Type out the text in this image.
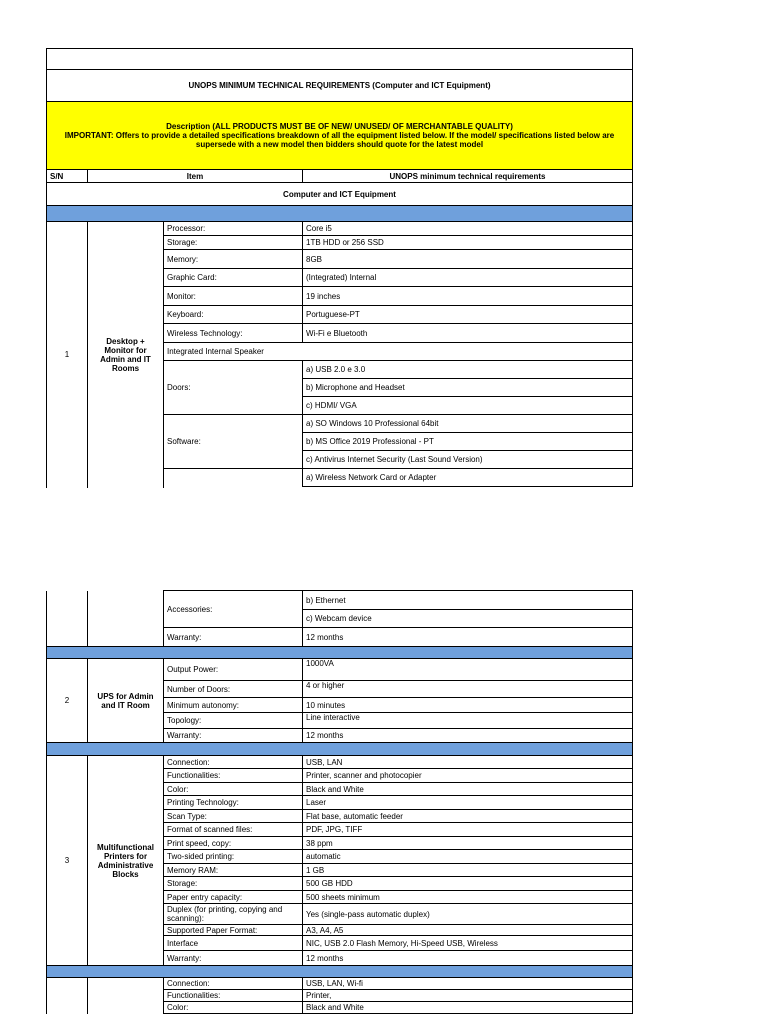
UNOPS MINIMUM TECHNICAL REQUIREMENTS (Computer and ICT Equipment)			

Description (ALL PRODUCTS MUST BE OF NEW/ UNUSED/ OF MERCHANTABLE QUALITY)
IMPORTANT: Offers to provide a detailed specifications breakdown of all the equipment listed below. If the model/ specifications listed below are supersede with a new model then bidders should quote for the latest model			

S/N	Item		UNOPS minimum technical requirements
Computer and ICT Equipment			

1	Desktop + Monitor for Admin and IT Rooms	Processor:	Core i5
		Storage:	1TB HDD or 256 SSD
		Memory:	8GB
		Graphic Card:	(Integrated) Internal
		Monitor:	19 inches
		Keyboard:	Portuguese-PT
		Wireless Technology:	Wi-Fi e Bluetooth
		Integrated Internal Speaker	
		Doors:	a) USB 2.0 e 3.0
			b) Microphone and Headset
			c) HDMI/ VGA
		Software:	a) SO Windows 10 Professional 64bit
			b) MS Office 2019 Professional - PT
			c) Antivirus Internet Security (Last Sound Version)
			a) Wireless Network Card or Adapter

		Accessories:	b) Ethernet
			c) Webcam device
		Warranty:	12 months

2	UPS for Admin and IT Room	Output Power:	1000VA
		Number of Doors:	4 or higher
		Minimum autonomy:	10 minutes
		Topology:	Line interactive
		Warranty:	12 months

3	Multifunctional Printers for Administrative Blocks	Connection:	USB, LAN
		Functionalities:	Printer, scanner and photocopier
		Color:	Black and White
		Printing Technology:	Laser
		Scan Type:	Flat base, automatic feeder
		Format of scanned files:	PDF, JPG, TIFF
		Print speed, copy:	38 ppm
		Two-sided printing:	automatic
		Memory RAM:	1 GB
		Storage:	500 GB HDD
		Paper entry capacity:	500 sheets minimum
		Duplex (for printing, copying and scanning):	Yes (single-pass automatic duplex)
		Supported Paper Format:	A3, A4, A5
		Interface	NIC, USB 2.0 Flash Memory, Hi-Speed USB, Wireless
		Warranty:	12 months

		Connection:	USB, LAN, Wi-fi
		Functionalities:	Printer,
		Color:	Black and White
